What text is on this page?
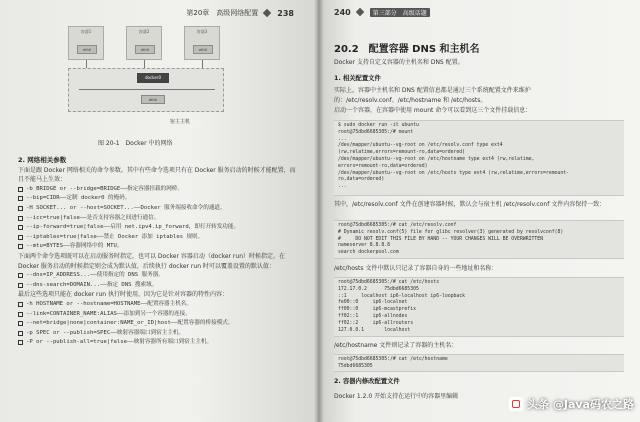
第20章　高级网络配置 238
容器1
eth0
容器2
eth0
容器3
eth0
docker0
eth0
宿主主机
图 20-1　Docker 中的网络
2. 网络相关参数
下面是跟 Docker 网络相关的命令参数。其中有些命令选项只有在 Docker 服务启动的时候才能配置，而且不能马上生效：
-b BRIDGE or --bridge=BRIDGE——指定容器挂载的网桥。
--bip=CIDR——定制 docker0 的掩码。
-H SOCKET... or --host=SOCKET...——Docker 服务端接收命令的通道。
--icc=true|false——是否支持容器之间进行通信。
--ip-forward=true|false——启用 net.ipv4.ip_forward，即打开转发功能。
--iptables=true|false——禁止 Docker 添加 iptables 规则。
--mtu=BYTES——容器网络中的 MTU。
下面两个命令选项既可以在启动服务时指定，也可以 Docker 容器启动（docker run）时候指定。在 Docker 服务启动的时候指定则会成为默认值，后续执行 docker run 时可以覆盖设置的默认值：
--dns=IP_ADDRESS...——使用指定的 DNS 服务器。
--dns-search=DOMAIN...——指定 DNS 搜索域。
最后这些选项只能在 docker run 执行时使用，因为它是针对容器的特性内容：
-h HOSTNAME or --hostname=HOSTNAME——配置容器主机名。
--link=CONTAINER_NAME:ALIAS——添加到另一个容器的连接。
--net=bridge|none|container:NAME_or_ID|host——配置容器的桥接模式。
-p SPEC or --publish=SPEC——映射容器端口到宿主主机。
-P or --publish-all=true|false——映射容器所有端口到宿主主机。
240	第三部分　高级话题
20.2　配置容器 DNS 和主机名
Docker 支持自定义容器的主机名和 DNS 配置。
1. 相关配置文件
实际上，容器中主机名和 DNS 配置信息都是通过三个系统配置文件来维护的：/etc/resolv.conf、/etc/hostname 和 /etc/hosts。
启动一个容器，在容器中使用 mount 命令可以看到这三个文件挂载信息：
$ sudo docker run -it ubuntu
root@75dbd6685305:/# mount
...
/dev/mapper/ubuntu--vg-root on /etc/resolv.conf type ext4
(rw,relatime,errors=remount-ro,data=ordered)
/dev/mapper/ubuntu--vg-root on /etc/hostname type ext4 (rw,relatime,
errors=remount-ro,data=ordered)
/dev/mapper/ubuntu--vg-root on /etc/hosts type ext4 (rw,relatime,errors=remount-
ro,data=ordered)
...
其中，/etc/resolv.conf 文件在创建容器时候，默认会与宿主机 /etc/resolv.conf 文件内容保持一致：
root@75dbd6685305:/# cat /etc/resolv.conf
# Dynamic resolv.conf(5) file for glibc resolver(3) generated by resolvconf(8)
#     DO NOT EDIT THIS FILE BY HAND -- YOUR CHANGES WILL BE OVERWRITTEN
nameserver 8.8.8.8
search dockerpool.com
/etc/hosts 文件中默认只记录了容器自身的一些地址和名称：
root@75dbd6685305:/# cat /etc/hosts
172.17.0.2      75dbd6685305
::1     localhost ip6-localhost ip6-loopback
fe00::0     ip6-localnet
ff00::0     ip6-mcastprefix
ff02::1     ip6-allnodes
ff02::2     ip6-allrouters
127.0.0.1       localhost
/etc/hostname 文件则记录了容器的主机名：
root@75dbd6685305:/# cat /etc/hostname
75dbd6685305
2. 容器内修改配置文件
Docker 1.2.0 开始支持在运行中的容器里编辑
头条 @Java码农之路
